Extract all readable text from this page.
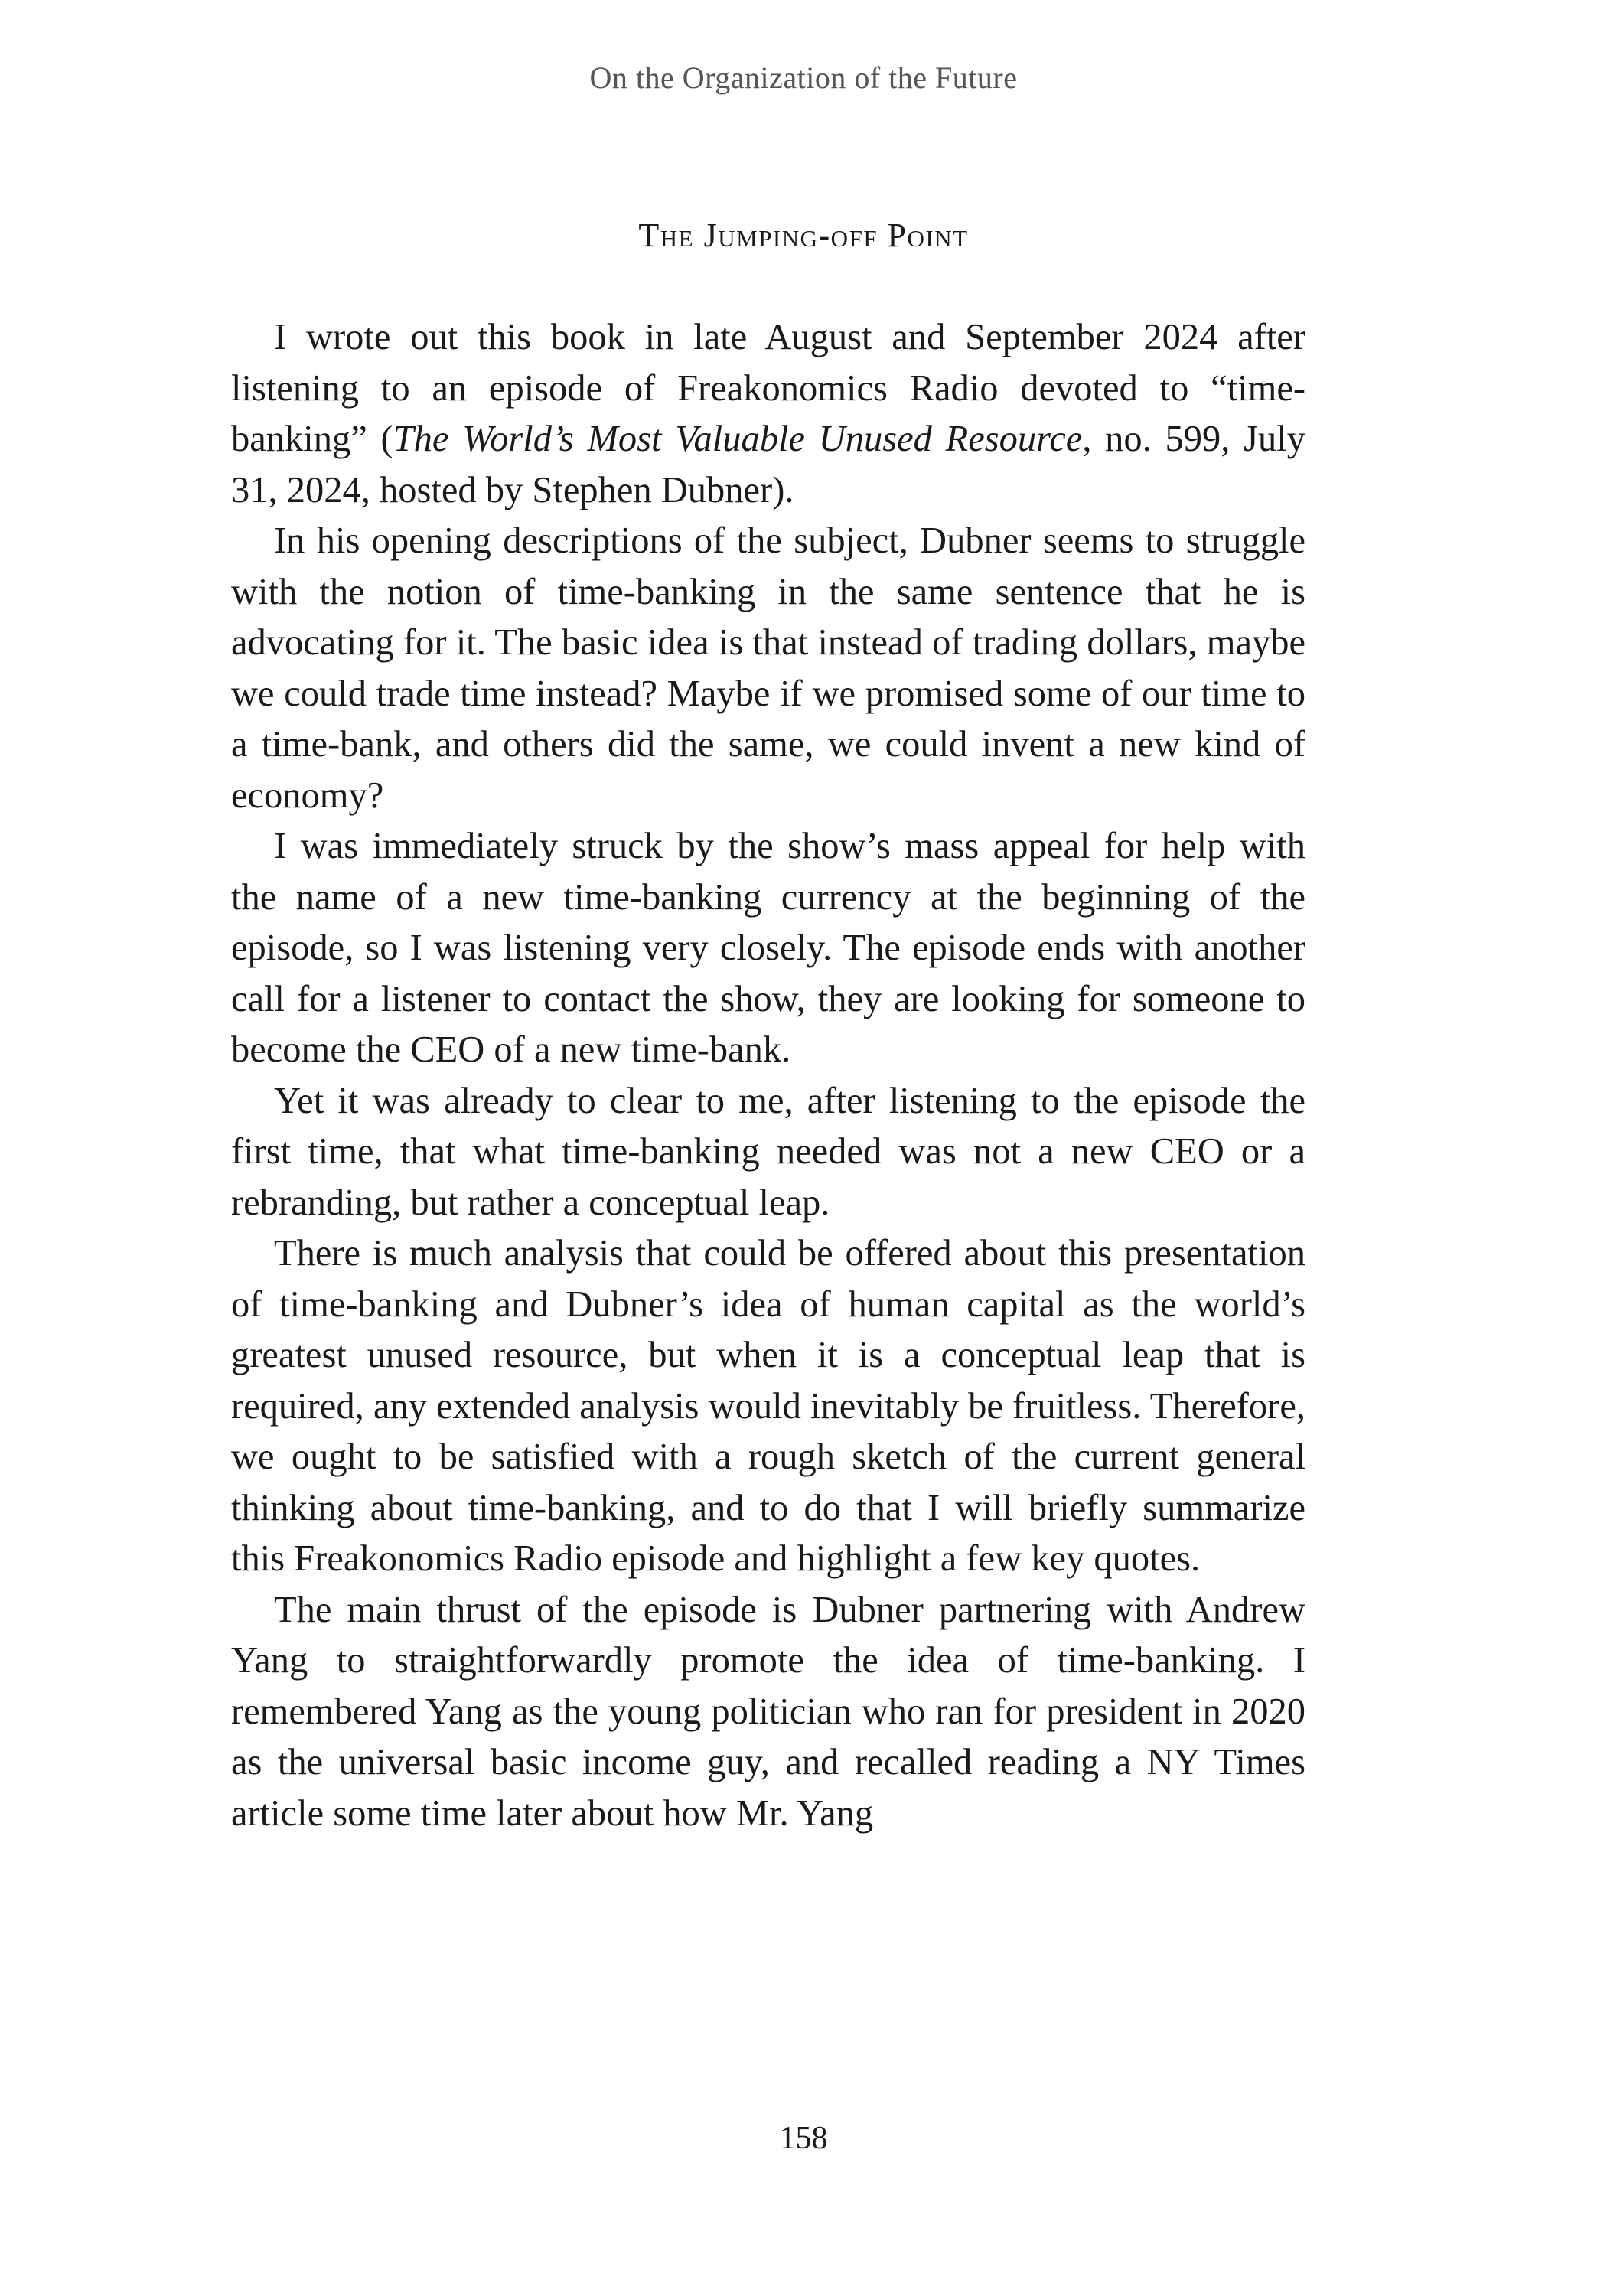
On the Organization of the Future
The Jumping-off Point

I wrote out this book in late August and September 2024 after listening to an episode of Freakonomics Radio devoted to “time-banking” (The World’s Most Valuable Unused Resource, no. 599, July 31, 2024, hosted by Stephen Dubner).

In his opening descriptions of the subject, Dubner seems to struggle with the notion of time-banking in the same sentence that he is advocating for it. The basic idea is that instead of trading dollars, maybe we could trade time instead? Maybe if we promised some of our time to a time-bank, and others did the same, we could invent a new kind of economy?

I was immediately struck by the show’s mass appeal for help with the name of a new time-banking currency at the beginning of the episode, so I was listening very closely. The episode ends with another call for a listener to contact the show, they are looking for someone to become the CEO of a new time-bank.

Yet it was already to clear to me, after listening to the episode the first time, that what time-banking needed was not a new CEO or a rebranding, but rather a conceptual leap.

There is much analysis that could be offered about this presentation of time-banking and Dubner’s idea of human capital as the world’s greatest unused resource, but when it is a conceptual leap that is required, any extended analysis would inevitably be fruitless. Therefore, we ought to be satisfied with a rough sketch of the current general thinking about time-banking, and to do that I will briefly summarize this Freakonomics Radio episode and highlight a few key quotes.

The main thrust of the episode is Dubner partnering with Andrew Yang to straightforwardly promote the idea of time-banking. I remembered Yang as the young politician who ran for president in 2020 as the universal basic income guy, and recalled reading a NY Times article some time later about how Mr. Yang

158
